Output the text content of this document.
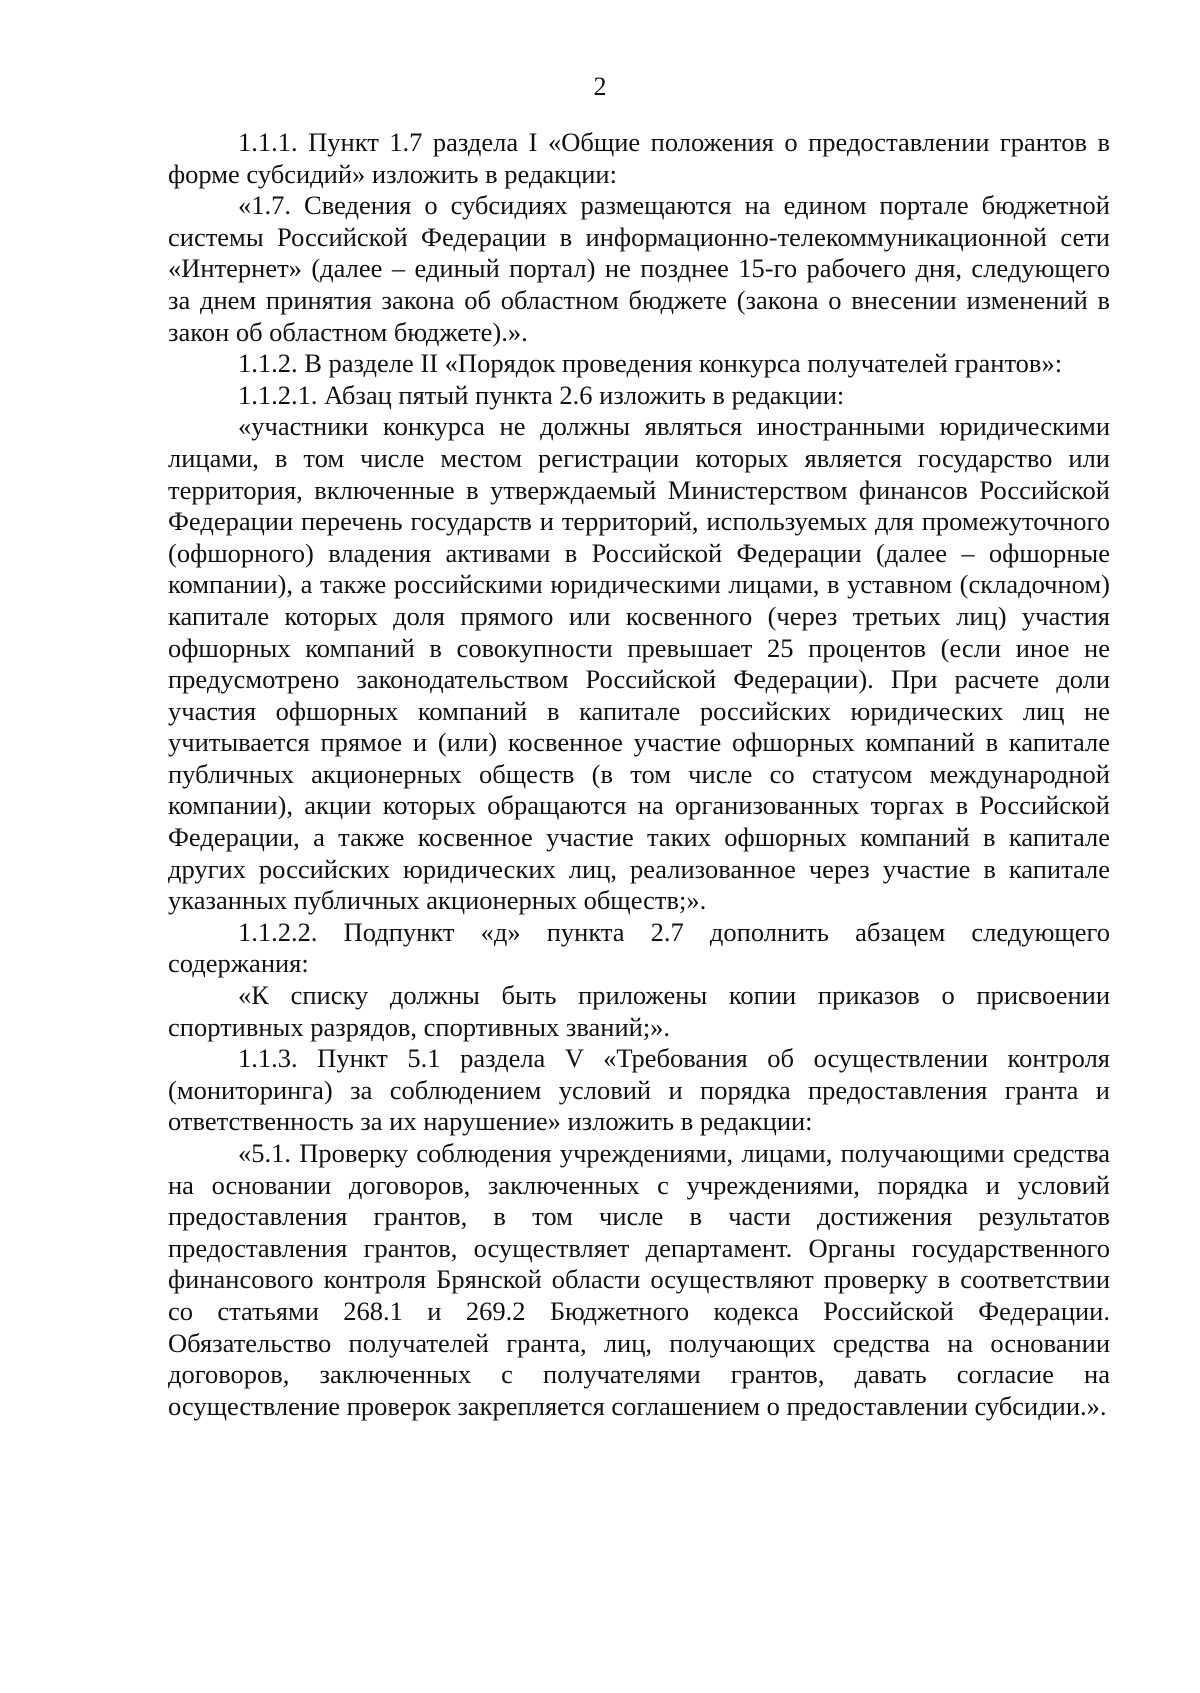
2

1.1.1. Пункт 1.7 раздела I «Общие положения о предоставлении грантов в форме субсидий» изложить в редакции:

«1.7. Сведения о субсидиях размещаются на едином портале бюджетной системы Российской Федерации в информационно-телекоммуникационной сети «Интернет» (далее – единый портал) не позднее 15-го рабочего дня, следующего за днем принятия закона об областном бюджете (закона о внесении изменений в закон об областном бюджете).».

1.1.2. В разделе II «Порядок проведения конкурса получателей грантов»:

1.1.2.1. Абзац пятый пункта 2.6 изложить в редакции:

«участники конкурса не должны являться иностранными юридическими лицами, в том числе местом регистрации которых является государство или территория, включенные в утверждаемый Министерством финансов Российской Федерации перечень государств и территорий, используемых для промежуточного (офшорного) владения активами в Российской Федерации (далее – офшорные компании), а также российскими юридическими лицами, в уставном (складочном) капитале которых доля прямого или косвенного (через третьих лиц) участия офшорных компаний в совокупности превышает 25 процентов (если иное не предусмотрено законодательством Российской Федерации). При расчете доли участия офшорных компаний в капитале российских юридических лиц не учитывается прямое и (или) косвенное участие офшорных компаний в капитале публичных акционерных обществ (в том числе со статусом международной компании), акции которых обращаются на организованных торгах в Российской Федерации, а также косвенное участие таких офшорных компаний в капитале других российских юридических лиц, реализованное через участие в капитале указанных публичных акционерных обществ;».

1.1.2.2. Подпункт «д» пункта 2.7 дополнить абзацем следующего содержания:

«К списку должны быть приложены копии приказов о присвоении спортивных разрядов, спортивных званий;».

1.1.3. Пункт 5.1 раздела V «Требования об осуществлении контроля (мониторинга) за соблюдением условий и порядка предоставления гранта и ответственность за их нарушение» изложить в редакции:

«5.1. Проверку соблюдения учреждениями, лицами, получающими средства на основании договоров, заключенных с учреждениями, порядка и условий предоставления грантов, в том числе в части достижения результатов предоставления грантов, осуществляет департамент. Органы государственного финансового контроля Брянской области осуществляют проверку в соответствии со статьями 268.1 и 269.2 Бюджетного кодекса Российской Федерации. Обязательство получателей гранта, лиц, получающих средства на основании договоров, заключенных с получателями грантов, давать согласие на осуществление проверок закрепляется соглашением о предоставлении субсидии.».
